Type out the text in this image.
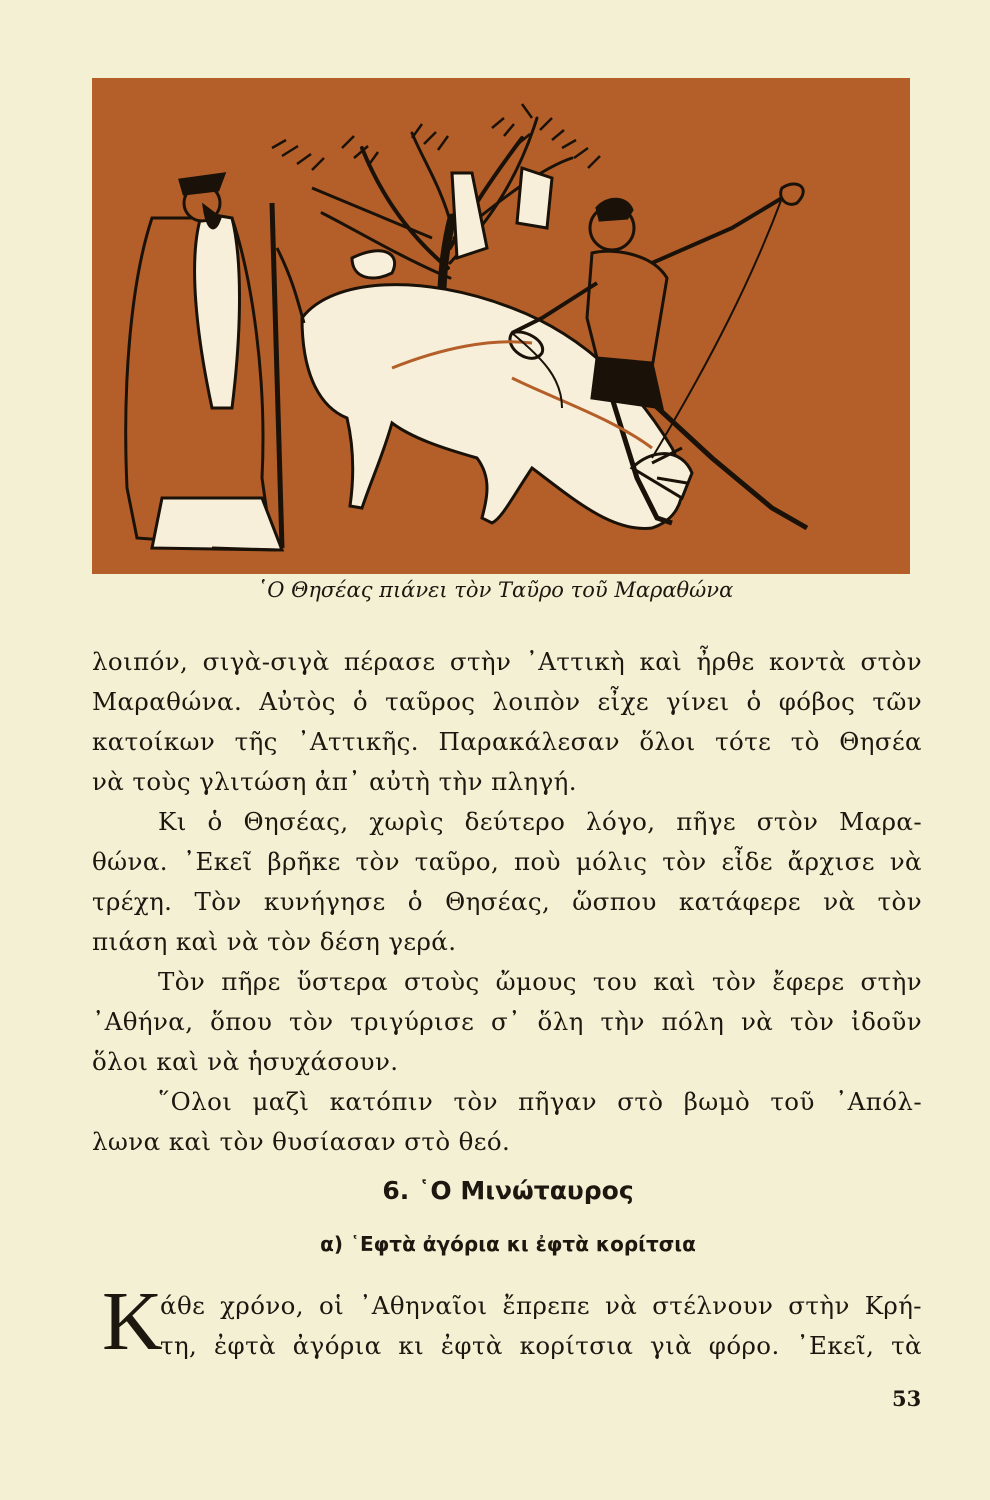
῾Ο Θησέας πιάνει τὸν Ταῦρο τοῦ Μαραθώνα

λοιπόν, σιγὰ-σιγὰ πέρασε στὴν ᾿Αττικὴ καὶ ἦρθε κοντὰ στὸν
Μαραθώνα. Αὐτὸς ὁ ταῦρος λοιπὸν εἶχε γίνει ὁ φόβος τῶν
κατοίκων τῆς ᾿Αττικῆς. Παρακάλεσαν ὅλοι τότε τὸ Θησέα
νὰ τοὺς γλιτώση ἀπ᾿ αὐτὴ τὴν πληγή.

Κι ὁ Θησέας, χωρὶς δεύτερο λόγο, πῆγε στὸν Μαρα-
θώνα. ᾿Εκεῖ βρῆκε τὸν ταῦρο, ποὺ μόλις τὸν εἶδε ἄρχισε νὰ
τρέχη. Τὸν κυνήγησε ὁ Θησέας, ὥσπου κατάφερε νὰ τὸν
πιάση καὶ νὰ τὸν δέση γερά.

Τὸν πῆρε ὕστερα στοὺς ὤμους του καὶ τὸν ἔφερε στὴν
᾿Αθήνα, ὅπου τὸν τριγύρισε σ᾿ ὅλη τὴν πόλη νὰ τὸν ἰδοῦν
ὅλοι καὶ νὰ ἡσυχάσουν.

῞Ολοι μαζὶ κατόπιν τὸν πῆγαν στὸ βωμὸ τοῦ ᾿Απόλ-
λωνα καὶ τὸν θυσίασαν στὸ θεό.

6. ῾Ο Μινώταυρος
α) ῾Εφτὰ ἀγόρια κι ἐφτὰ κορίτσια
Κ

άθε χρόνο, οἱ ᾿Αθηναῖοι ἔπρεπε νὰ στέλνουν στὴν Κρή-

τη, ἐφτὰ ἀγόρια κι ἐφτὰ κορίτσια γιὰ φόρο. ᾿Εκεῖ, τὰ

53
